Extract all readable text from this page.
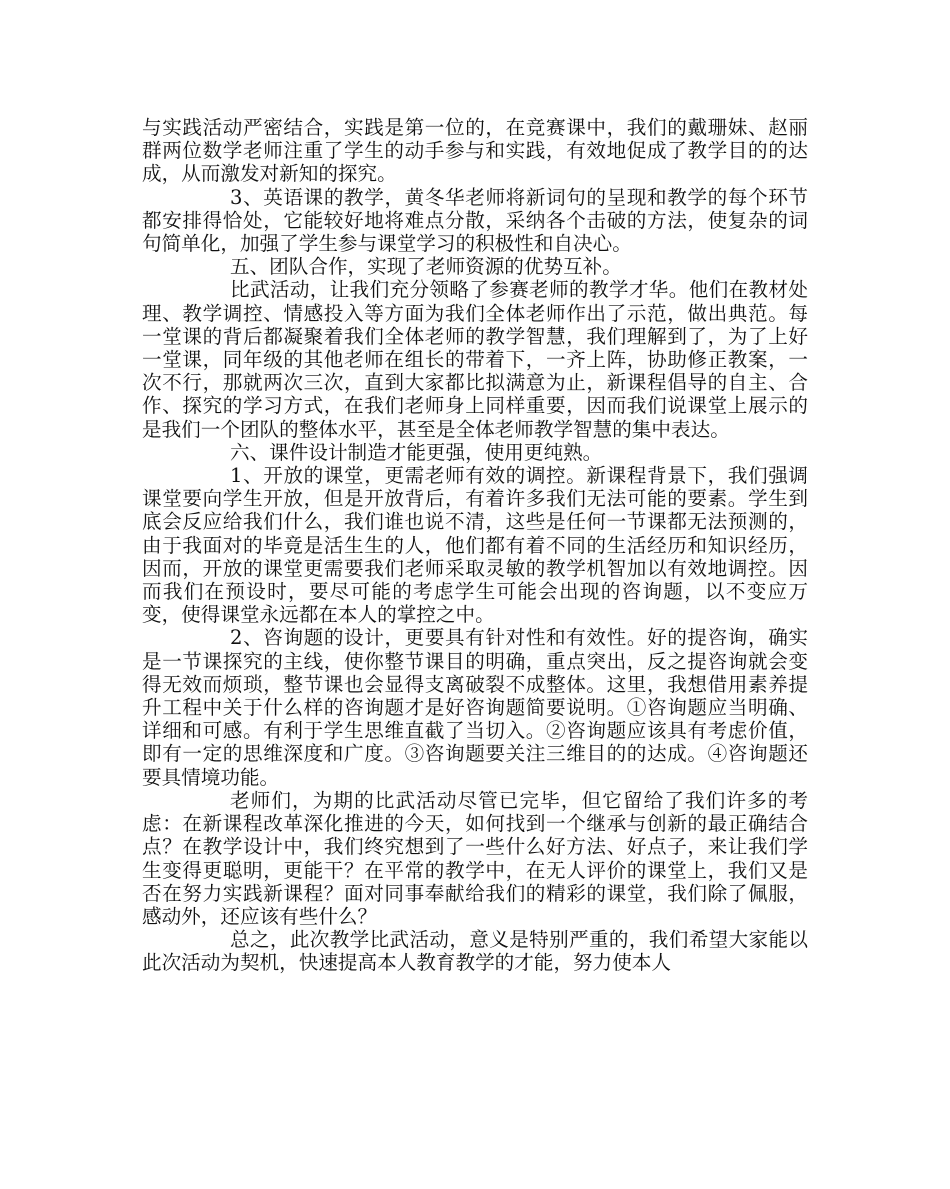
与实践活动严密结合，实践是第一位的，在竞赛课中，我们的戴珊妹、赵丽群两位数学老师注重了学生的动手参与和实践，有效地促成了教学目的的达成，从而激发对新知的探究。

3、英语课的教学，黄冬华老师将新词句的呈现和教学的每个环节都安排得恰处，它能较好地将难点分散，采纳各个击破的方法，使复杂的词句简单化，加强了学生参与课堂学习的积极性和自决心。

五、团队合作，实现了老师资源的优势互补。

比武活动，让我们充分领略了参赛老师的教学才华。他们在教材处理、教学调控、情感投入等方面为我们全体老师作出了示范，做出典范。每一堂课的背后都凝聚着我们全体老师的教学智慧，我们理解到了，为了上好一堂课，同年级的其他老师在组长的带着下，一齐上阵，协助修正教案，一次不行，那就两次三次，直到大家都比拟满意为止，新课程倡导的自主、合作、探究的学习方式，在我们老师身上同样重要，因而我们说课堂上展示的是我们一个团队的整体水平，甚至是全体老师教学智慧的集中表达。

六、课件设计制造才能更强，使用更纯熟。

1、开放的课堂，更需老师有效的调控。新课程背景下，我们强调课堂要向学生开放，但是开放背后，有着许多我们无法可能的要素。学生到底会反应给我们什么，我们谁也说不清，这些是任何一节课都无法预测的，由于我面对的毕竟是活生生的人，他们都有着不同的生活经历和知识经历，因而，开放的课堂更需要我们老师采取灵敏的教学机智加以有效地调控。因而我们在预设时，要尽可能的考虑学生可能会出现的咨询题，以不变应万变，使得课堂永远都在本人的掌控之中。

2、咨询题的设计，更要具有针对性和有效性。好的提咨询，确实是一节课探究的主线，使你整节课目的明确，重点突出，反之提咨询就会变得无效而烦琐，整节课也会显得支离破裂不成整体。这里，我想借用素养提升工程中关于什么样的咨询题才是好咨询题简要说明。①咨询题应当明确、详细和可感。有利于学生思维直截了当切入。②咨询题应该具有考虑价值，即有一定的思维深度和广度。③咨询题要关注三维目的的达成。④咨询题还要具情境功能。

老师们，为期的比武活动尽管已完毕，但它留给了我们许多的考虑：在新课程改革深化推进的今天，如何找到一个继承与创新的最正确结合点？在教学设计中，我们终究想到了一些什么好方法、好点子，来让我们学生变得更聪明，更能干？在平常的教学中，在无人评价的课堂上，我们又是否在努力实践新课程？面对同事奉献给我们的精彩的课堂，我们除了佩服，感动外，还应该有些什么？

总之，此次教学比武活动，意义是特别严重的，我们希望大家能以此次活动为契机，快速提高本人教育教学的才能，努力使本人
